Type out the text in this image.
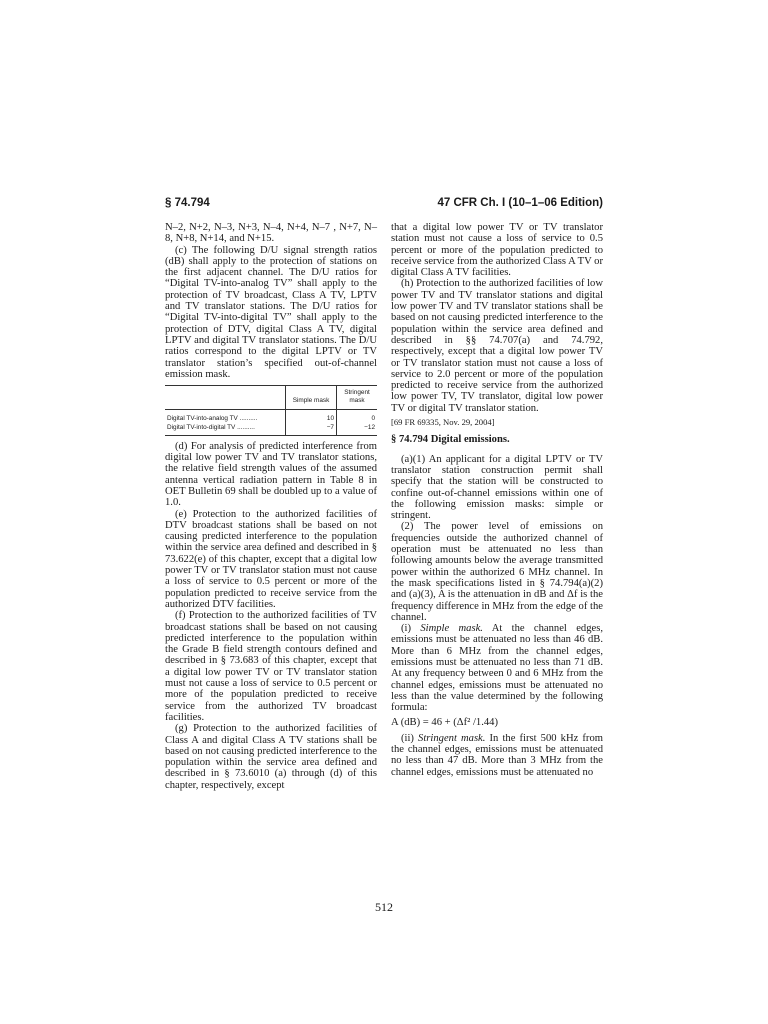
§ 74.794	47 CFR Ch. I (10–1–06 Edition)

N–2, N+2, N–3, N+3, N–4, N+4, N–7 , N+7, N–8, N+8, N+14, and N+15.

(c) The following D/U signal strength ratios (dB) shall apply to the protection of stations on the first adjacent channel. The D/U ratios for “Digital TV-into-analog TV” shall apply to the protection of TV broadcast, Class A TV, LPTV and TV translator stations. The D/U ratios for “Digital TV-into-digital TV” shall apply to the protection of DTV, digital Class A TV, digital LPTV and digital TV translator stations. The D/U ratios correspond to the digital LPTV or TV translator station’s specified out-of-channel emission mask.

	Simple mask	Stringent mask
Digital TV-into-analog TV ..........	10	0
Digital TV-into-digital TV ..........	−7	−12

(d) For analysis of predicted interference from digital low power TV and TV translator stations, the relative field strength values of the assumed antenna vertical radiation pattern in Table 8 in OET Bulletin 69 shall be doubled up to a value of 1.0.

(e) Protection to the authorized facilities of DTV broadcast stations shall be based on not causing predicted interference to the population within the service area defined and described in § 73.622(e) of this chapter, except that a digital low power TV or TV translator station must not cause a loss of service to 0.5 percent or more of the population predicted to receive service from the authorized DTV facilities.

(f) Protection to the authorized facilities of TV broadcast stations shall be based on not causing predicted interference to the population within the Grade B field strength contours defined and described in § 73.683 of this chapter, except that a digital low power TV or TV translator station must not cause a loss of service to 0.5 percent or more of the population predicted to receive service from the authorized TV broadcast facilities.

(g) Protection to the authorized facilities of Class A and digital Class A TV stations shall be based on not causing predicted interference to the population within the service area defined and described in § 73.6010 (a) through (d) of this chapter, respectively, except

that a digital low power TV or TV translator station must not cause a loss of service to 0.5 percent or more of the population predicted to receive service from the authorized Class A TV or digital Class A TV facilities.

(h) Protection to the authorized facilities of low power TV and TV translator stations and digital low power TV and TV translator stations shall be based on not causing predicted interference to the population within the service area defined and described in §§ 74.707(a) and 74.792, respectively, except that a digital low power TV or TV translator station must not cause a loss of service to 2.0 percent or more of the population predicted to receive service from the authorized low power TV, TV translator, digital low power TV or digital TV translator station.

[69 FR 69335, Nov. 29, 2004]

§ 74.794 Digital emissions.

(a)(1) An applicant for a digital LPTV or TV translator station construction permit shall specify that the station will be constructed to confine out-of-channel emissions within one of the following emission masks: simple or stringent.

(2) The power level of emissions on frequencies outside the authorized channel of operation must be attenuated no less than following amounts below the average transmitted power within the authorized 6 MHz channel. In the mask specifications listed in § 74.794(a)(2) and (a)(3), A is the attenuation in dB and Δf is the frequency difference in MHz from the edge of the channel.

(i) Simple mask. At the channel edges, emissions must be attenuated no less than 46 dB. More than 6 MHz from the channel edges, emissions must be attenuated no less than 71 dB. At any frequency between 0 and 6 MHz from the channel edges, emissions must be attenuated no less than the value determined by the following formula:

A (dB) = 46 + (Δf² /1.44)

(ii) Stringent mask. In the first 500 kHz from the channel edges, emissions must be attenuated no less than 47 dB. More than 3 MHz from the channel edges, emissions must be attenuated no

512
